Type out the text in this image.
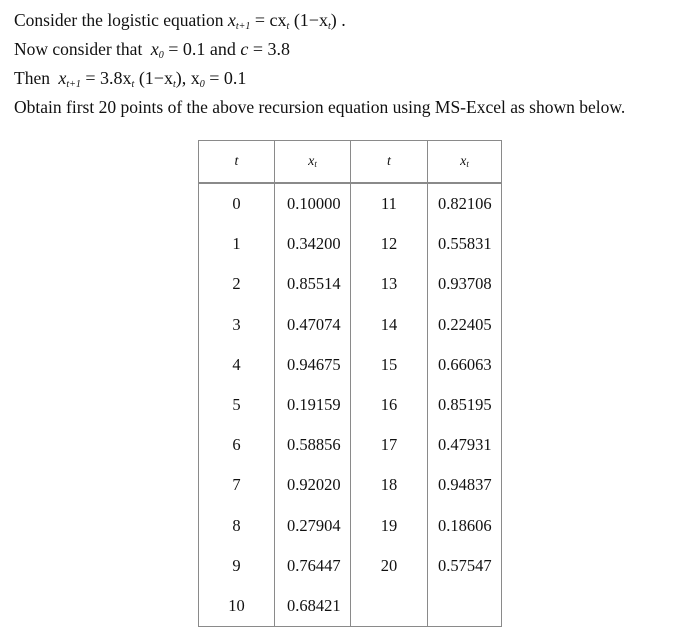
Consider the logistic equation $x_{t+1} = cx_t$ $(1-x_t)$ .
Now consider that $x_0 = 0.1$ and c = 3.8
Then $x_{t+1} = 3.8x_t$ $(1-x_t)$, $x_0 = 0.1$
Obtain first 20 points of the above recursion equation using MS-Excel as shown below.
t	$x_t$	t	$x_t$
0	0.10000	11	0.82106
1	0.34200	12	0.55831
2	0.85514	13	0.93708
3	0.47074	14	0.22405
4	0.94675	15	0.66063
5	0.19159	16	0.85195
6	0.58856	17	0.47931
7	0.92020	18	0.94837
8	0.27904	19	0.18606
9	0.76447	20	0.57547
10	0.68421		
